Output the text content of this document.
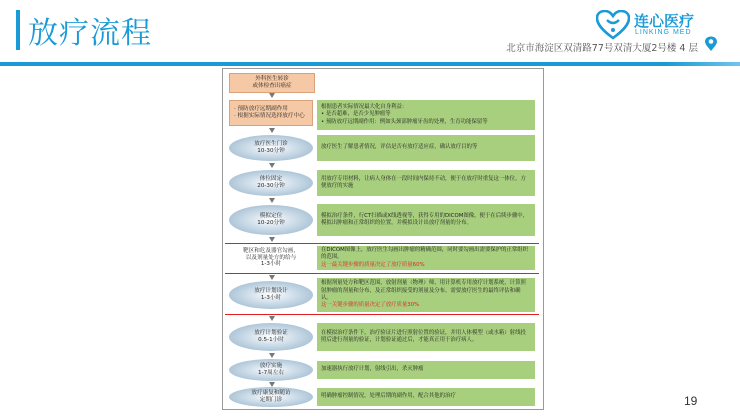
放疗流程	连心医疗
LINKING MED
北京市海淀区双清路77号双清大厦2号楼 4 层
外科医生转诊
或体检查出癌症
· 预防放疗远期副作用
· 根据实际情况选择放疗中心
根据患者实际情况最大化自身利益：
• 是否超难，是否少见肿瘤等
• 预防放疗远期副作用：例如头颈部肿瘤牙齿的处理，生育功能保留等
放疗医生门诊
10-30分钟
放疗医生了解患者情况，评估是否有放疗适应症，确认放疗目的等
体位固定
20-30分钟
用放疗专用材料，让病人身体在一段时间内保持不动，便于在放疗时重复这一体位，方便放疗的实施
模拟定位
10-20分钟
模拟治疗条件，行CT扫描或X线透视等，获得专用的DICOM图像，便于在后续步骤中，模拟出肿瘤和正常组织的位置，并模拟设计出放疗剂量的分布。
靶区和危及器官勾画，
以及剂量处方的给与
1-3小时
在DICOM图像上，放疗医生勾画出肿瘤的精确范围，同时要勾画出需要保护的正常组织的范围。
这一最关键步骤的质量决定了放疗质量60%
放疗计划设计
1-3小时
根据剂量处方和靶区范围，放射剂量（物理）师，用计算机专用放疗计划系统，计算照射肿瘤的剂量和分布，及正常组织接受的剂量及分布。需要放疗医生的最终评估和确认。
这一关键步骤的质量决定了放疗质量30%
放疗计划验证
0.5-1小时
在模拟治疗条件下，治疗验证片进行照射位置的验证，并用人体模型（或水箱）射线投照后进行剂量的验证，计划验证通过后，才能真正用于治疗病人。
放疗实施
1-7周左右
加速器执行放疗计划，射线引出，杀灭肿瘤
放疗康复和随访
定期门诊
明确肿瘤控制情况，处理后期的副作用，配合其他的治疗	19
